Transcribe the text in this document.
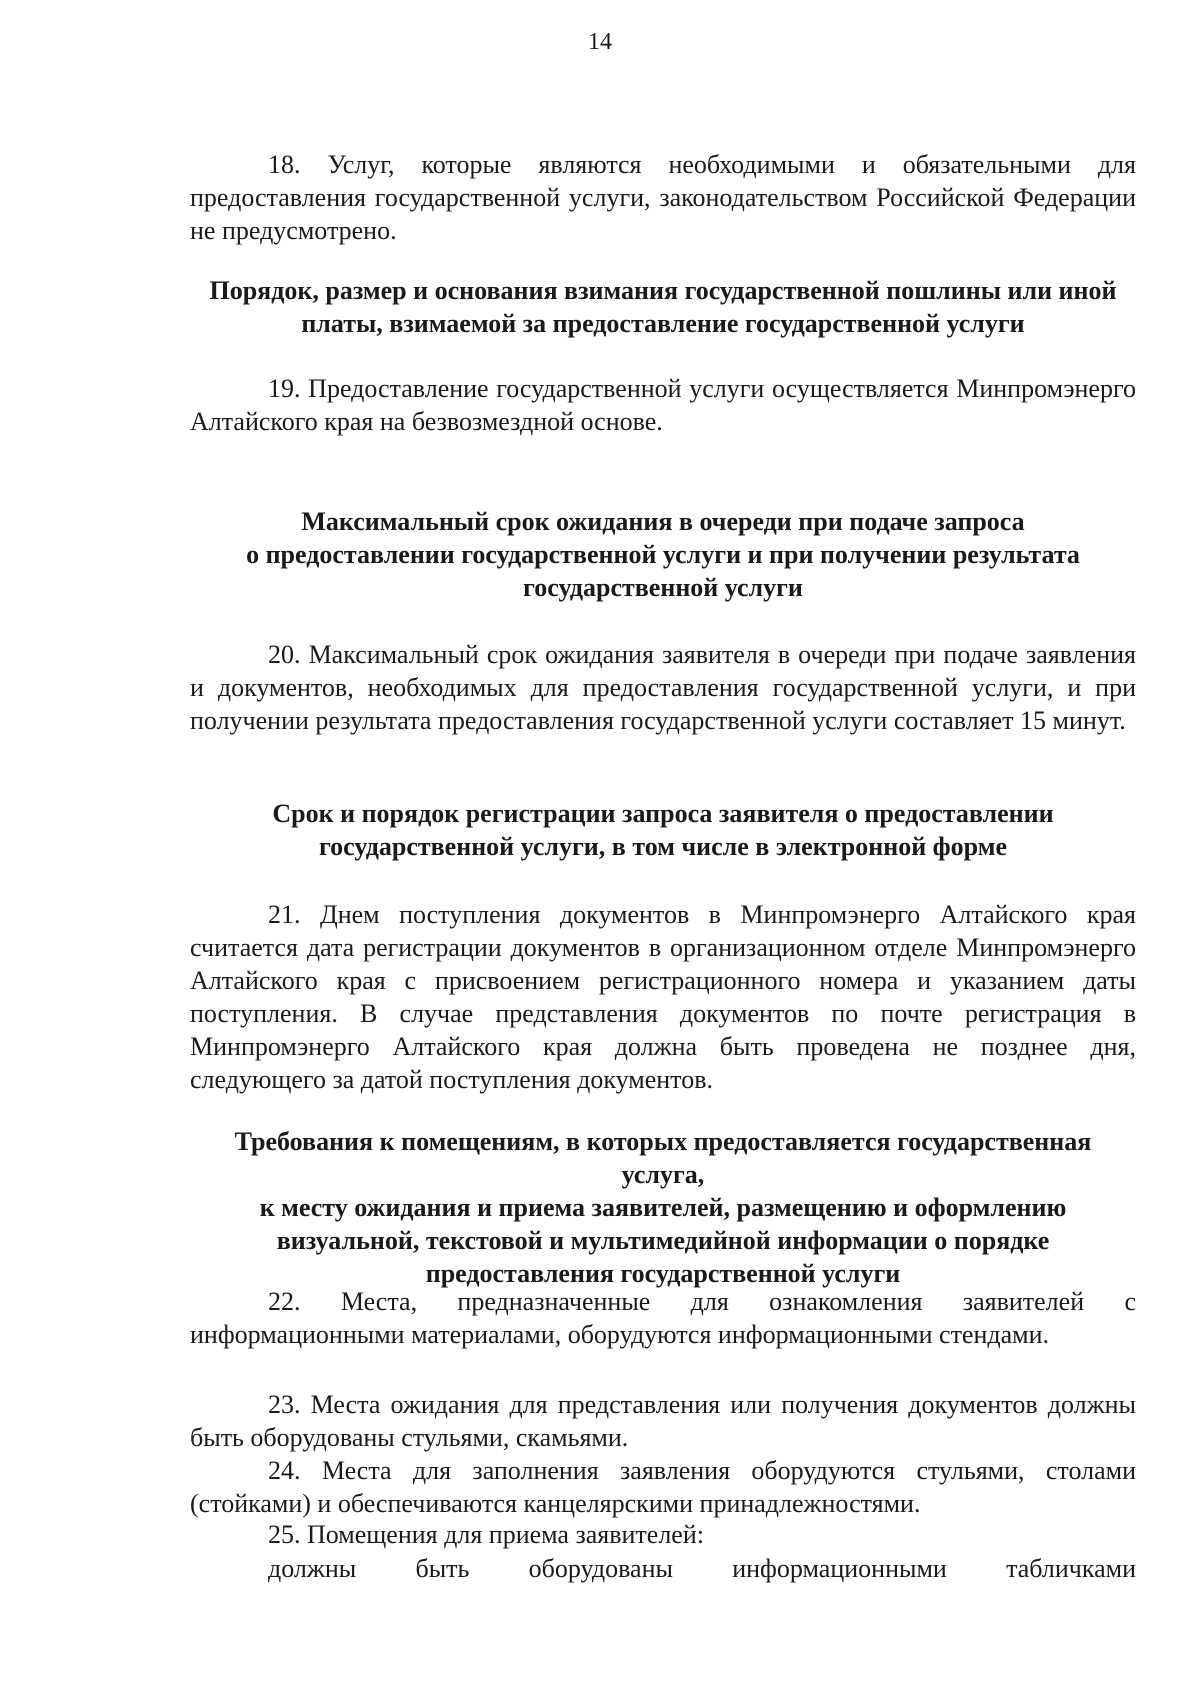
14

18. Услуг, которые являются необходимыми и обязательными для предоставления государственной услуги, законодательством Российской Федерации не предусмотрено.

Порядок, размер и основания взимания государственной пошлины или иной

платы, взимаемой за предоставление государственной услуги

19. Предоставление государственной услуги осуществляется Минпромэнерго Алтайского края на безвозмездной основе.

Максимальный срок ожидания в очереди при подаче запроса

о предоставлении государственной услуги и при получении результата

государственной услуги

20. Максимальный срок ожидания заявителя в очереди при подаче заявления и документов, необходимых для предоставления государственной услуги, и при получении результата предоставления государственной услуги составляет 15 минут.

Срок и порядок регистрации запроса заявителя о предоставлении

государственной услуги, в том числе в электронной форме

21. Днем поступления документов в Минпромэнерго Алтайского края считается дата регистрации документов в организационном отделе Минпромэнерго Алтайского края с присвоением регистрационного номера и указанием даты поступления. В случае представления документов по почте регистрация в Минпромэнерго Алтайского края должна быть проведена не позднее дня, следующего за датой поступления документов.

Требования к помещениям, в которых предоставляется государственная

услуга,

к месту ожидания и приема заявителей, размещению и оформлению

визуальной, текстовой и мультимедийной информации о порядке

предоставления государственной услуги

22. Места, предназначенные для ознакомления заявителей с информационными материалами, оборудуются информационными стендами.

23. Места ожидания для представления или получения документов должны быть оборудованы стульями, скамьями.

24. Места для заполнения заявления оборудуются стульями, столами (стойками) и обеспечиваются канцелярскими принадлежностями.

25. Помещения для приема заявителей:

должны быть оборудованы информационными табличками
